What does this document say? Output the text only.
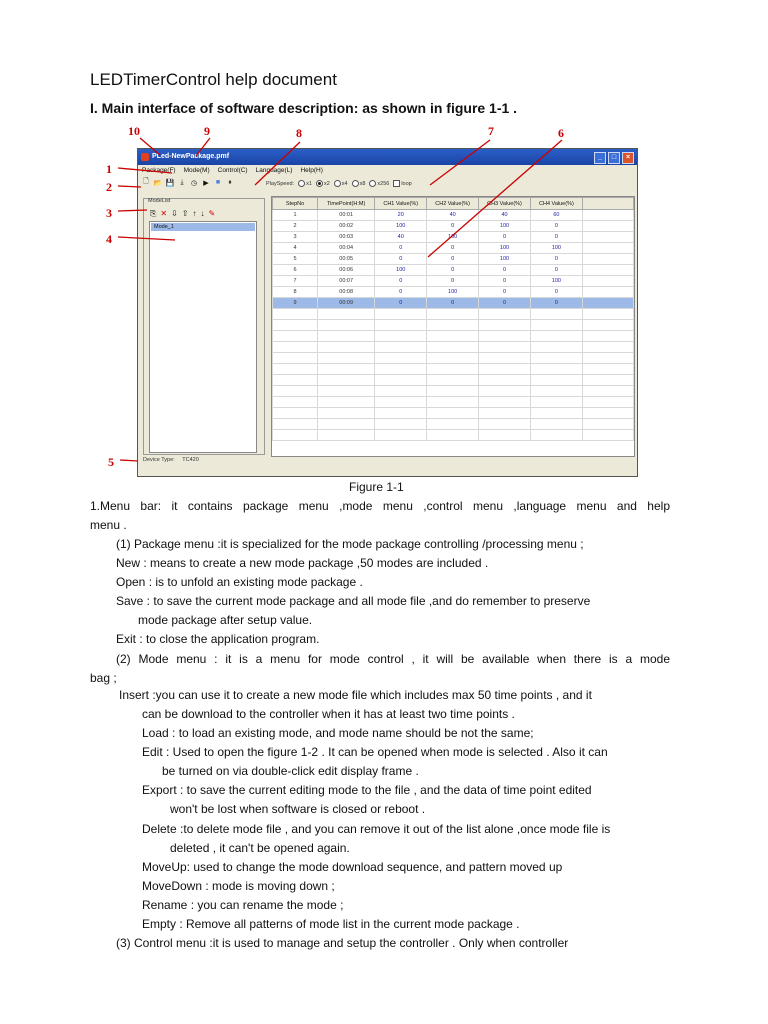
LEDTimerControl help document
I. Main interface of software description: as shown in figure 1-1 .
PLed-NewPackage.pmf	_	□	×
Package(F) Mode(M) Control(C) Language(L) Help(H)
🗋 📂 💾 ⤓	◷ ▶ ■	⏸	PlaySpeed:	x1	x2	x4	x8	x256	loop
ModeList
⎘ ✕ ⇩ ⇧ ↑ ↓ ✎
Mode_1
StepNo	TimePoint(H:M)	CH1 Value(%)	CH2 Value(%)	CH3 Value(%)	CH4 Value(%)	
1	00:01	20	40	40	60	
2	00:02	100	0	100	0	
3	00:03	40	100	0	0	
4	00:04	0	0	100	100	
5	00:05	0	0	100	0	
6	00:06	100	0	0	0	
7	00:07	0	0	0	100	
8	00:08	0	100	0	0	
9	00:09	0	0	0	0	

Device Type: TC420
10	9	8	7	6
1
2
3
4
5
Figure 1-1
1.Menu bar: it contains package menu ,mode menu ,control menu ,language menu and help

menu .

(1) Package menu :it is specialized for the mode package controlling /processing menu ;

New : means to create a new mode package ,50 modes are included .

Open : is to unfold an existing mode package .

Save : to save the current mode package and all mode file ,and do remember to preserve

mode package after setup value.

Exit : to close the application program.

(2) Mode menu : it is a menu for mode control , it will be available when there is a mode

bag ;

Insert :you can use it to create a new mode file which includes max 50 time points , and it

can be download to the controller when it has at least two time points .

Load : to load an existing mode, and mode name should be not the same;

Edit : Used to open the figure 1-2 . It can be opened when mode is selected . Also it can

be turned on via double-click edit display frame .

Export : to save the current editing mode to the file , and the data of time point edited

won't be lost when software is closed or reboot .

Delete :to delete mode file , and you can remove it out of the list alone ,once mode file is

deleted , it can't be opened again.

MoveUp: used to change the mode download sequence, and pattern moved up

MoveDown : mode is moving down ;

Rename : you can rename the mode ;

Empty : Remove all patterns of mode list in the current mode package .

(3) Control menu :it is used to manage and setup the controller . Only when controller
